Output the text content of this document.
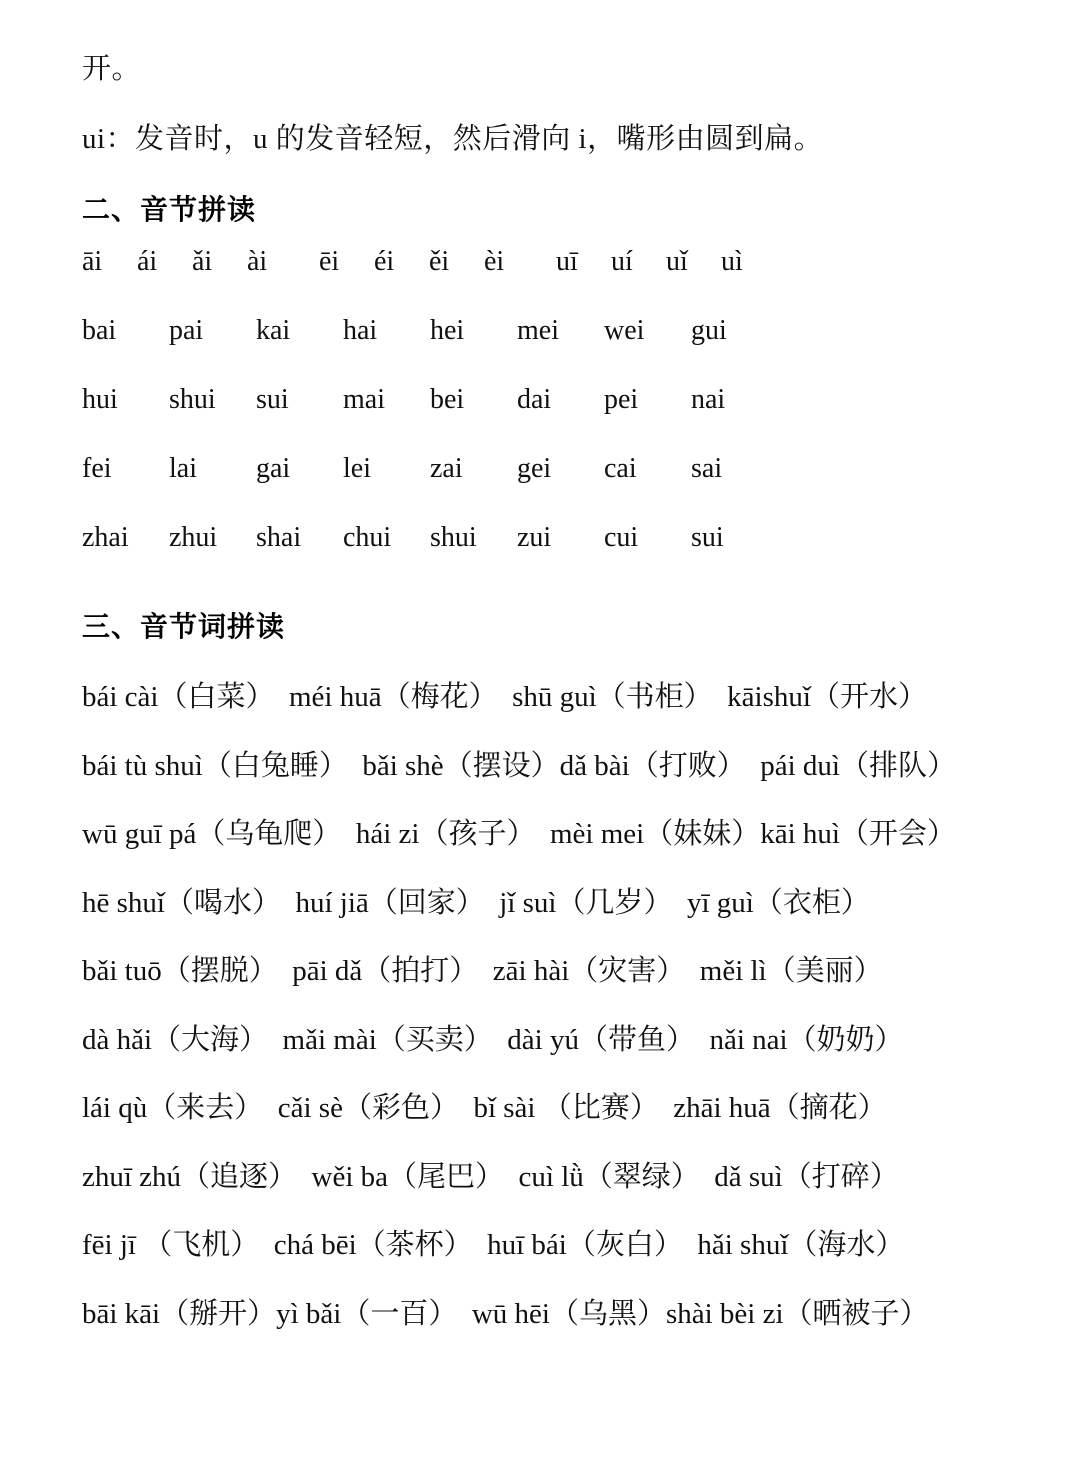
开。
ui：发音时，u 的发音轻短，然后滑向 i，嘴形由圆到扁。
二、音节拼读
āi	ái	ǎi	ài	ēi	éi	ěi	èi	uī	uí	uǐ	uì
bai	pai	kai	hai	hei	mei	wei	gui
hui	shui	sui	mai	bei	dai	pei	nai
fei	lai	gai	lei	zai	gei	cai	sai
zhai	zhui	shai	chui	shui	zui	cui	sui
三、音节词拼读
bái cài（白菜）　méi huā（梅花）　shū guì（书柜）　kāishuǐ（开水）
bái tù shuì（白兔睡）　bǎi shè（摆设）dǎ bài（打败）　pái duì（排队）
wū guī pá（乌龟爬）　hái zi（孩子）　mèi mei（妹妹）kāi huì（开会）
hē shuǐ（喝水）　huí jiā（回家）　jǐ suì（几岁）　yī guì（衣柜）
bǎi tuō（摆脱）　pāi dǎ（拍打）　zāi hài（灾害）　měi lì（美丽）
dà hǎi（大海）　mǎi mài（买卖）　dài yú（带鱼）　nǎi nai（奶奶）
lái qù（来去）　cǎi sè（彩色）　bǐ sài （比赛）　zhāi huā（摘花）
zhuī zhú（追逐）　wěi ba（尾巴）　cuì lǜ（翠绿）　dǎ suì（打碎）
fēi jī （飞机）　chá bēi（茶杯）　huī bái（灰白）　hǎi shuǐ（海水）
bāi kāi（掰开）yì bǎi（一百）　wū hēi（乌黑）shài bèi zi（晒被子）
